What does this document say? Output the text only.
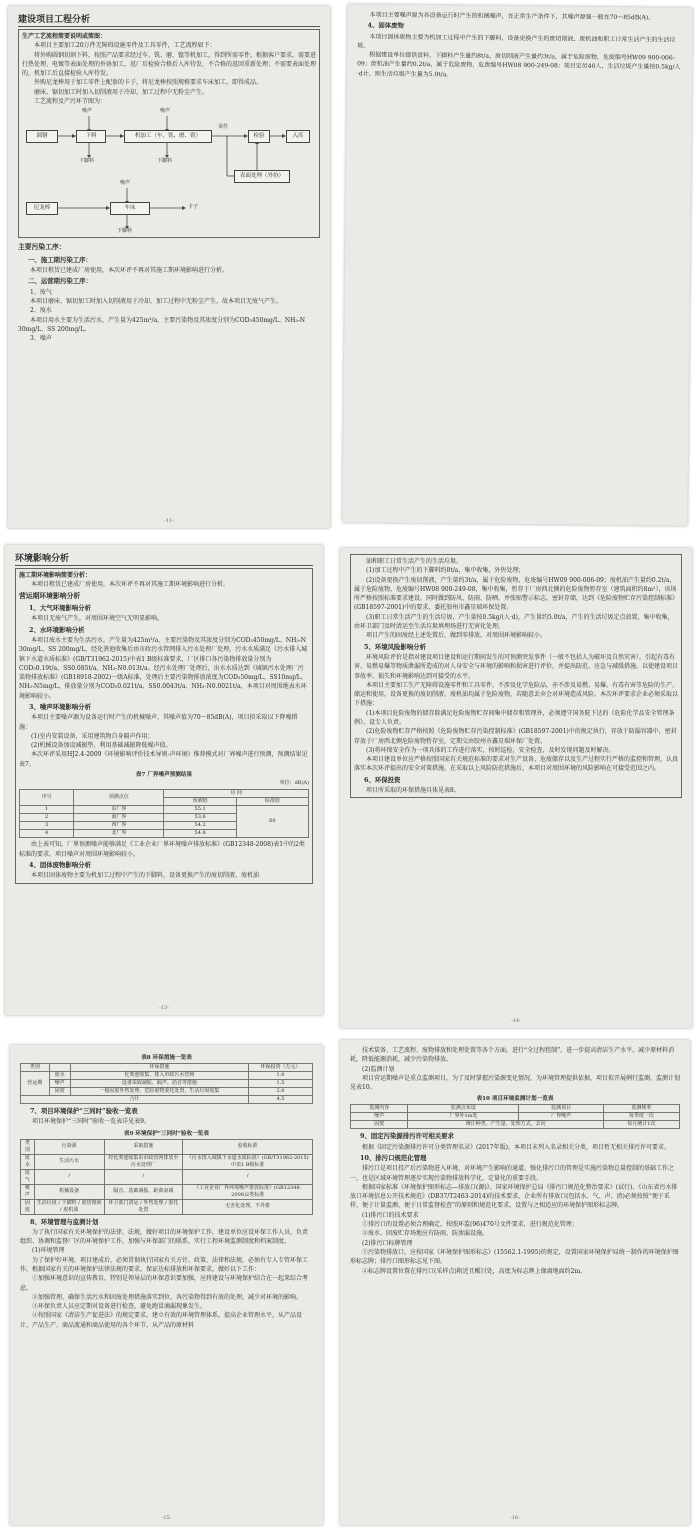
建设项目工程分析
生产工艺流程简要说明或简图：

本项目主要加工20万件无障碍设施零件及工具零件，工艺流程如下：

将外购圆钢切割下料，按照产品要求经过车、铣、磨、镗等机加工，得到所需零件，根据客户要求，需要进行热处理、电镀等表面处理的外协加工，返厂后检验合格后入库待发，不合格的返回重新处理；不需要表面处理的，机加工后直接检验入库待发。

外购尼龙棒用于加工零件上配套的卡子，将尼龙棒按照规格要求车床加工，即得成品。

磨床、锯切加工时加入切削液用于冷却，加工过程中无粉尘产生。

工艺流程及产污环节图为：

圆钢	下料	机加工（车、铣、磨、镗）
零件
检验	入库
表面处理（外协）
噪声
下脚料
噪声
下脚料
尼龙棒	车床	卡子
噪声
下脚料
主要污染工序：
一、施工期污染工序：

本项目租赁已建成厂房使用，本次环评不再对其施工期环境影响进行分析。

二、运营期污染工序：

1、废气

本项目磨床、锯切加工时加入切削液用于冷却，加工过程中无粉尘产生，故本项目无废气产生。

2、废水

本项目用水主要为生活污水，产生量为425m³/a，主要污染物及其浓度分别为COD₅450mg/L、NH₃-N 30mg/L、SS 200mg/L。

3、噪声

-11-

本项目主要噪声源为各设备运行时产生的机械噪声，在正常生产条件下，其噪声源强一般在70～85dB(A)。

4、固体废物

本项目固体废物主要为机加工过程中产生的下脚料，设备更换产生的废切削液、废机油和职工日常生活产生的生活垃圾。

根据建设单位提供资料，下脚料产生量约8t/a，废切削液产生量约3t/a，属于危险废物，危废编号HW09 900-006-09；废机油产生量约0.2t/a，属于危险废物，危废编号HW08 900-249-08；项目定员40人，生活垃圾产生量按0.5kg/人·d计，则生活垃圾产生量为5.0t/a。

环境影响分析
施工期环境影响简要分析：

本项目租赁已建成厂房使用，本次环评不再对其施工期环境影响进行分析。

营运期环境影响分析
1、大气环境影响分析

本项目无废气产生，对周围环境空气无明显影响。

2、水环境影响分析

本项目废水主要为生活污水，产生量为425m³/a，主要污染物及其浓度分别为COD₅450mg/L、NH₃-N 30mg/L、SS 200mg/L，经化粪池收集后由市政污水管网排入污水处理厂处理，污水水质满足《污水排入城镇下水道水质标准》(GB/T31962-2015)中表1 B级标准要求，厂区排口各污染物排放量分别为COD₅0.19t/a、SS0.085t/a、NH₃-N0.013t/a。经污水处理厂处理后，出水水质达到《城镇污水处理厂污染物排放标准》(GB18918-2002)一级A标准，处理后主要污染物排放浓度为COD₅50mg/L、SS10mg/L、NH₃-N5mg/L，排放量分别为COD₅0.021t/a、SS0.0043t/a、NH₃-N0.0021t/a，本项目对周围地表水环境影响较小。

3、噪声环境影响分析

本项目主要噪声源为设备运行时产生的机械噪声，其噪声值为70～85dB(A)，项目拟采取以下降噪措施：

(1)室内安装设备，采用建筑物自身隔声作用；

(2)机械设备加设减振垫，利用基础减振降低噪声值。

本次环评采用HJ2.4-2009《环境影响评价技术导则-声环境》推荐模式对厂界噪声进行预测，预测结果见表7。

表7 厂界噪声预测结果
单位：dB(A)
序号	预测点位	昼 间	
		预测值	标准值
1	东厂界	55.1	60
2	南厂界	53.6	
3	西厂界	54.2	
4	北厂界	54.8	

由上表可知，厂界预测噪声能够满足《工业企业厂界环境噪声排放标准》(GB12348-2008)表1中的2类标准的要求，项目噪声对周围环境影响较小。

4、固体废物影响分析

本项目固体废物主要为机加工过程中产生的下脚料，设备更换产生的废切削液、废机油

-13-

油和职工日常生活产生的生活垃圾。

(1)加工过程中产生的下脚料约8t/a，集中收集，外售处理；

(2)设备更换产生废切削液，产生量约3t/a，属于危险废物，危废编号HW09 900-006-09；废机油产生量约0.2t/a，属于危险废物，危废编号HW08 900-249-08，集中收集，暂存于厂房西北侧的危险废物暂存室（建筑面积约8m²），该场所严格按照标准要求建设，同时做到防风、防雨、防晒，并张贴警示标志，密封存储，达到《危险废物贮存污染控制标准》(GB18597-2001)中的要求，委托胶州市鑫星瑞环保处置。

(3)职工日常生活产生的生活垃圾，产生量按0.5kg/(人·d)，产生量约5.0t/a，产生的生活垃圾定点放置，集中收集，由环卫部门及时清运至生活垃圾填埋场进行无害化处理。

项目产生的固废经上述处置后，做到零排放，对周围环境影响较小。

5、环境风险影响分析

环境风险评价是指对建设项目建设和运行期间发生的可预测突发事件（一般不包括人为破坏及自然灾害），引起有毒有害、易燃易爆等物质泄漏所造成的对人身安全与环境的影响和损害进行评价，并提出防范、应急与减缓措施，以使建设项目事故率、损失和环境影响达到可接受的水平。

本项目主要加工生产无障碍设施零件和工具零件，不涉及化学危险品，亦不涉及易燃、易爆、有毒有害等危险的生产、储运和使用，设备更换的废切削液、废机油均属于危险废物，若随意丢弃会对环境造成风险。本次环评要求企业必须采取以下措施：

(1)本项目危险废物的储存除满足危险废物贮存间集中储存和管理外，必须遵守国务院下达的《危险化学品安全管理条例》，设专人负责。

(2)危险废物贮存严格按照《危险废物贮存污染控制标准》(GB18597-2001)中的规定执行，存放于防漏容器中，密封存放于厂房西北侧危险废物暂存室，定期交由胶州市鑫星瑞环保厂处置。

(3)将环保安全作为一项具体的工作进行落实，按时巡检，安全检查，及时发现问题及时解决。

本项目建设单位应严格按照国家有关规范标准的要求对生产设备、危废储存以及生产过程实行严格的监控和管理，认真落实本次环评提出的安全对策措施，在采取以上风险防范措施后，本项目对周围环境的风险影响在可接受范围之内。

6、环保投资

项目所采取的环保措施具体见表8。

-14-
表8 环保措施一览表
类别		环保措施	环保投资（万元）
营运期	废水	化粪池收集，排入市政污水管网	1.0
	噪声	设备采取减振、隔声、消音等措施	1.5
	固废	一般固废外售处理，危险废物委托处置，生活垃圾收集	2.0
合计			4.5
7、项目环境保护“三同时”验收一览表

项目环境保护“三同时”验收一览表详见表9。

表9 环境保护“三同时”验收一览表
类别	污染源	采取措施	验收标准
废水	生活污水	经化粪池收集由市政管网排放至污水处理厂	《污水排入城镇下水道水质标准》(GB/T31962-2015)中表1 B级标准
废气	/	/	/
噪声	机械设备	隔音、基础减振、距离衰减	《工业企业厂界环境噪声排放标准》(GB12348-2008)2类标准
固废	生活垃圾 / 下脚料 / 废切削液 / 废机油	环卫部门清运 / 外售处理 / 委托处置	无害化处理，不外排
8、环境管理与监测计划

为了执行国家有关环境保护的法律、法规，做好项目的环境保护工作，建设单位应设环保工作人员，负责组织、协调和监督厂区的环境保护工作，加强与环保部门的联系，实行工程环境监测制度和档案制度。

(1)环境管理

为了保护好环境，项目建成后，必须贯彻执行国家有关方针、政策、法律和法规，必须有专人专管环保工作，根据国家有关的环境保护法律法规的要求，保证达标排放和环保要求，做好以下工作：

①加强环境意识的宣传教育，特别是领导层的环保意识要加强，应将建设与环境保护结合在一起来综合考虑。

②加强管理，确保生活污水和固废处理措施落实到位，各污染物得到有效的处理，减少对环境的影响。

③环保负责人员应定期对设备进行检查，避免跑冒滴漏现象发生。

④按照国家《清洁生产促进法》的规定要求，建立有效的环境管理体系，提高企业管理水平，从产品设计、产品生产、商品流通和商品使用的各个环节，从产品的原材料

-15-

技术装备、工艺流程、废物排放和处理处置等各个方面，进行“全过程控制”，进一步提高清洁生产水平，减少原材料消耗，降低能源消耗，减少污染物排放。

(2)监测计划

项目营运期噪声是重点监测项目，为了及时掌握污染源变化情况，为环境管理提供依据，项目拟开展例行监测，监测计划见表10。

表10 项目环境监测计划一览表
监测内容	监测点布设	监测项目	监测频率
噪声	厂界外1m处	厂界噪声	每季度一次
固废	统计种类、产生量、处理方式、去向		每月统计1次
9、固定污染源排污许可相关要求

根据《固定污染源排污许可分类管理名录》(2017年版)，本项目未列入名录相关分类，项目暂无相关排污许可要求。

10、排污口规范化管理

排污口是项目投产后污染物进入环境、对环境产生影响的通道，强化排污口的管理是实施污染物总量控制的基础工作之一，也是区域环境管理逐步实现污染物排放科学化、定量化的重要手段。

根据国家标准《环境保护图形标志—排放口(源)》、国家环境保护总局《排污口规范化整治要求》(试行)、《山东省污水排放口环境信息公开技术规范》(DB37/T2463-2014)的技术要求，企业所有排放口(包括水、气、声、渣)必须按照“便于采样、便于计量监测、便于日常监督检查”的原则和规范化要求，设置与之相适应的环境保护图形标志牌。

(1)排污口的技术要求

①排污口的设置必须合理确定，按照环监(96)470号文件要求，进行规范化管理；

②废水、固废贮存场地应有防雨、防渗漏设施。

(2)排污口标牌管理

①污染物排放口，应按国家《环境保护图形标志》(15562.1-1995)的规定，设置国家环境保护局统一制作的环境保护图形标志牌；排污口图形标志见下图。

②标志牌设置位置在排污口(采样点)附近且醒目处，高度为标志牌上缘离地面约2m。

-16-
